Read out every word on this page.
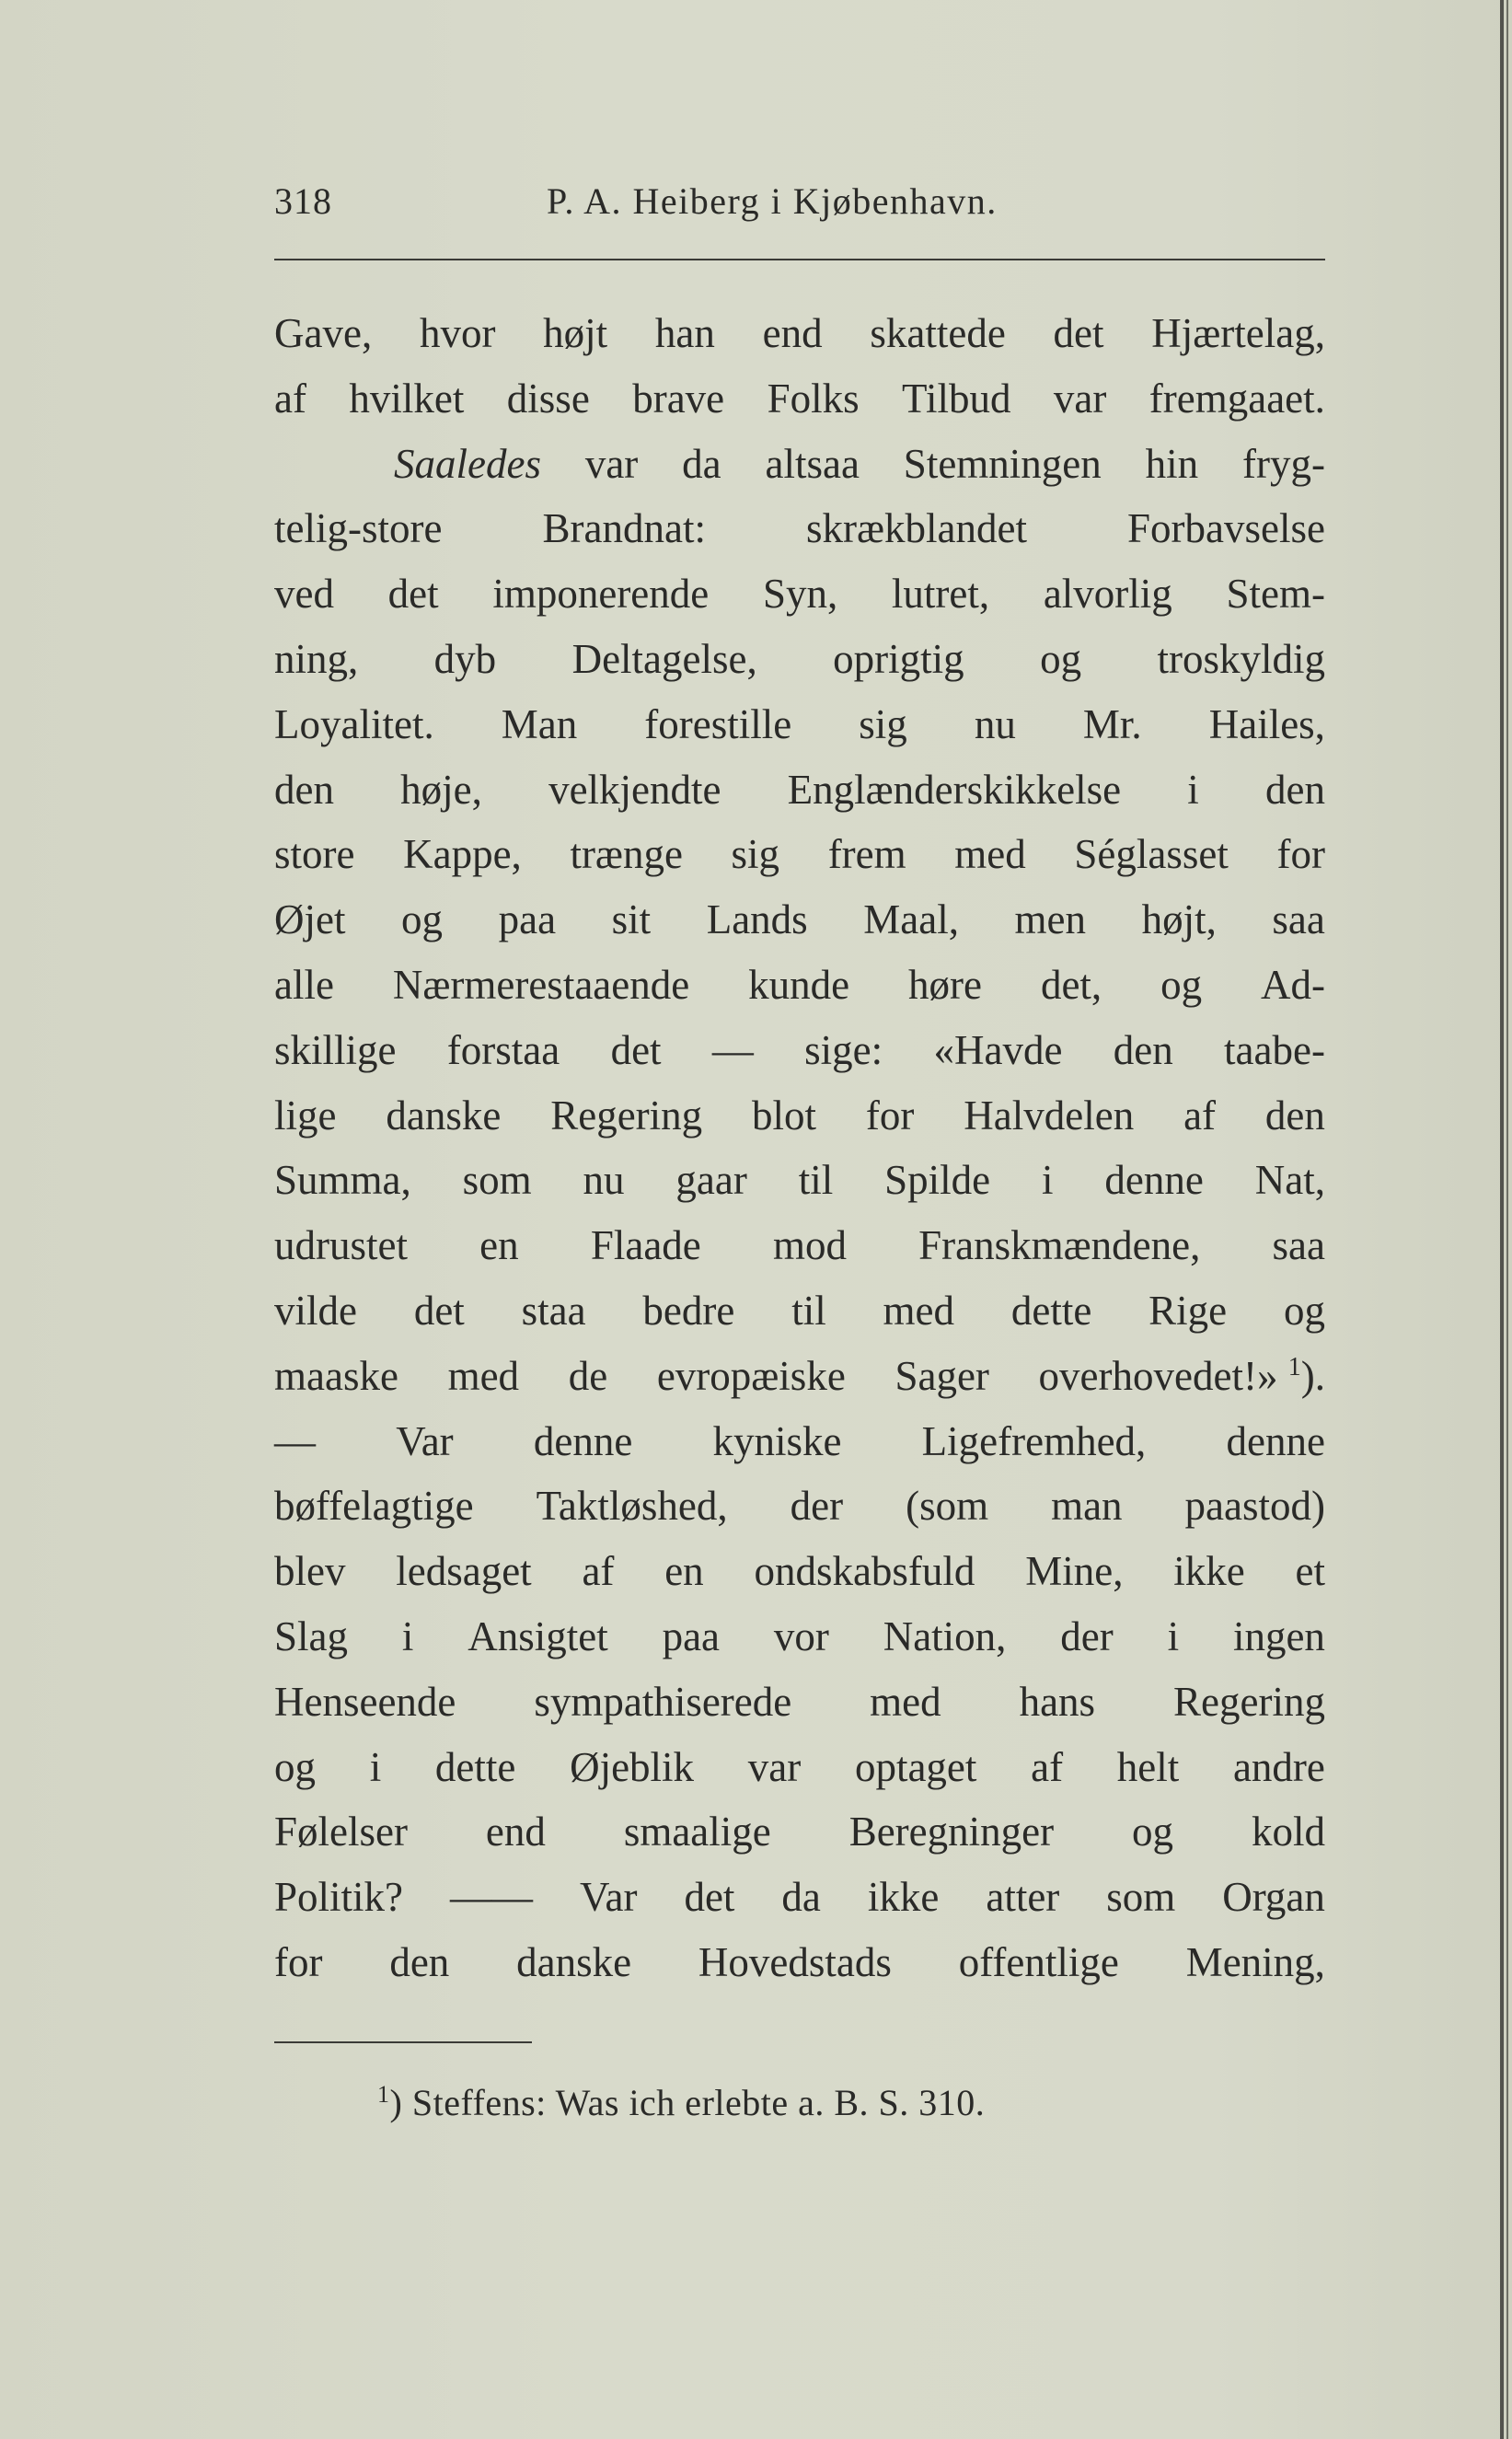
318	P. A. Heiberg i Kjøbenhavn.
Gave, hvor højt han end skattede det Hjærtelag,
af hvilket disse brave Folks Tilbud var fremgaaet.
Saaledes var da altsaa Stemningen hin fryg-
telig-store Brandnat: skrækblandet Forbavselse
ved det imponerende Syn, lutret, alvorlig Stem-
ning, dyb Deltagelse, oprigtig og troskyldig
Loyalitet. Man forestille sig nu Mr. Hailes,
den høje, velkjendte Englænderskikkelse i den
store Kappe, trænge sig frem med Séglasset for
Øjet og paa sit Lands Maal, men højt, saa
alle Nærmerestaaende kunde høre det, og Ad-
skillige forstaa det — sige: «Havde den taabe-
lige danske Regering blot for Halvdelen af den
Summa, som nu gaar til Spilde i denne Nat,
udrustet en Flaade mod Franskmændene, saa
vilde det staa bedre til med dette Rige og
maaske med de evropæiske Sager overhovedet!» $^1$).
— Var denne kyniske Ligefremhed, denne
bøffelagtige Taktløshed, der (som man paastod)
blev ledsaget af en ondskabsfuld Mine, ikke et
Slag i Ansigtet paa vor Nation, der i ingen
Henseende sympathiserede med hans Regering
og i dette Øjeblik var optaget af helt andre
Følelser end smaalige Beregninger og kold
Politik? —— Var det da ikke atter som Organ
for den danske Hovedstads offentlige Mening,
$^1$) Steffens: Was ich erlebte a. B. S. 310.
